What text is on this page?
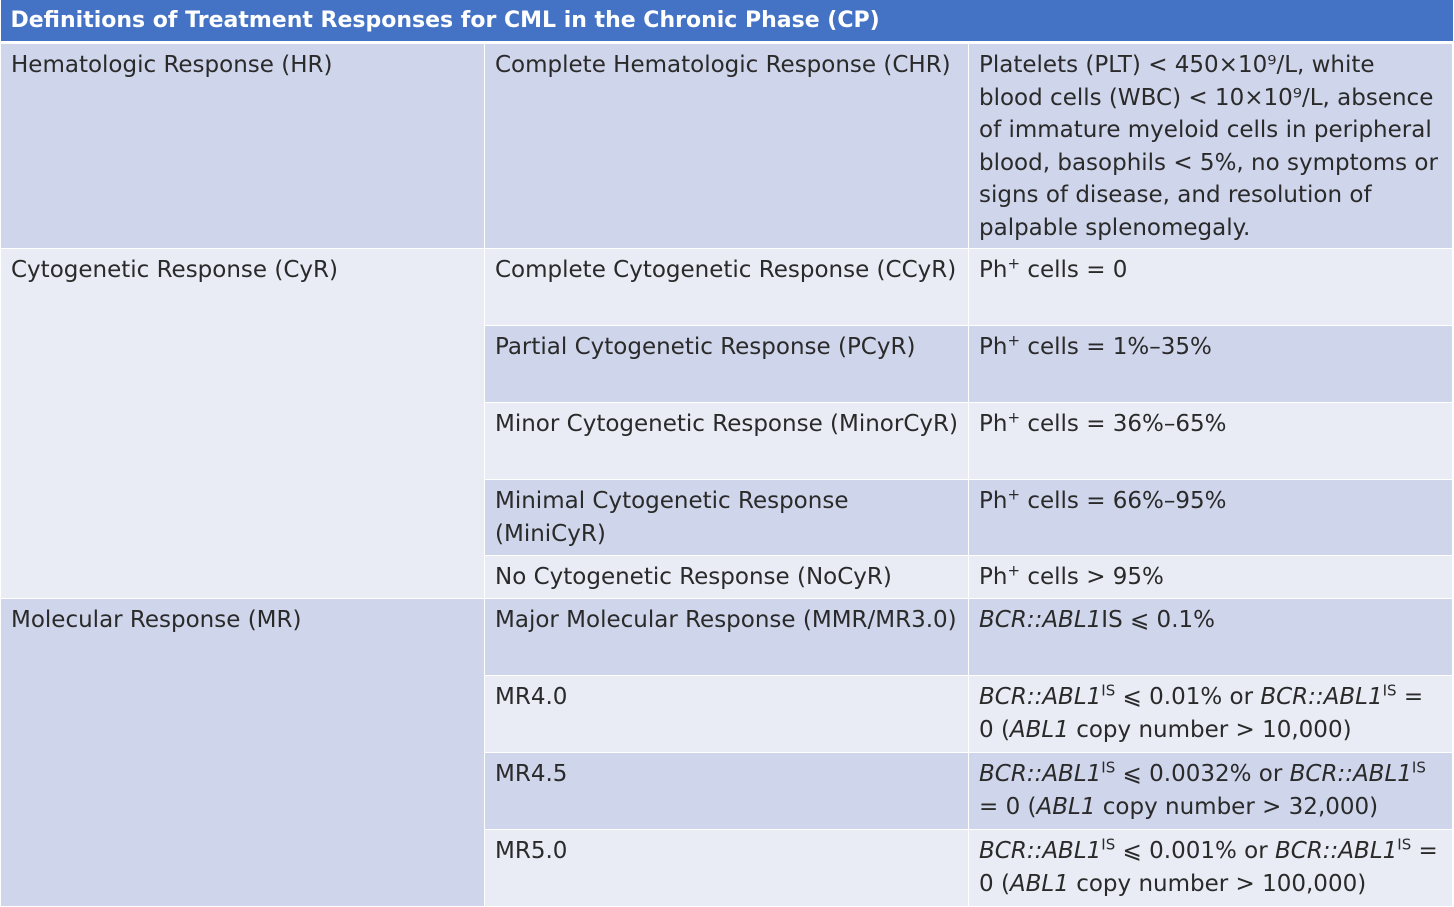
Definitions of Treatment Responses for CML in the Chronic Phase (CP)		
Hematologic Response (HR)	Complete Hematologic Response (CHR)	Platelets (PLT) < 450×10⁹/L, white blood cells (WBC) < 10×10⁹/L, absence of immature myeloid cells in peripheral blood, basophils < 5%, no symptoms or signs of disease, and resolution of palpable splenomegaly.
Cytogenetic Response (CyR)	Complete Cytogenetic Response (CCyR)	Ph+ cells = 0
	Partial Cytogenetic Response (PCyR)	Ph+ cells = 1%–35%
	Minor Cytogenetic Response (MinorCyR)	Ph+ cells = 36%–65%
	Minimal Cytogenetic Response (MiniCyR)	Ph+ cells = 66%–95%
	No Cytogenetic Response (NoCyR)	Ph+ cells > 95%
Molecular Response (MR)	Major Molecular Response (MMR/MR3.0)	BCR::ABL1IS ⩽ 0.1%
	MR4.0	$BCR::ABL1^{IS}$ ⩽ 0.01% or $BCR::ABL1^{IS} = 0$ (ABL1 copy number > 10,000)
	MR4.5	$BCR::ABL1^{IS}$ ⩽ 0.0032% or $BCR::ABL1^{IS} = 0$ (ABL1 copy number > 32,000)
	MR5.0	$BCR::ABL1^{IS}$ ⩽ 0.001% or $BCR::ABL1^{IS} = 0$ (ABL1 copy number > 100,000)
